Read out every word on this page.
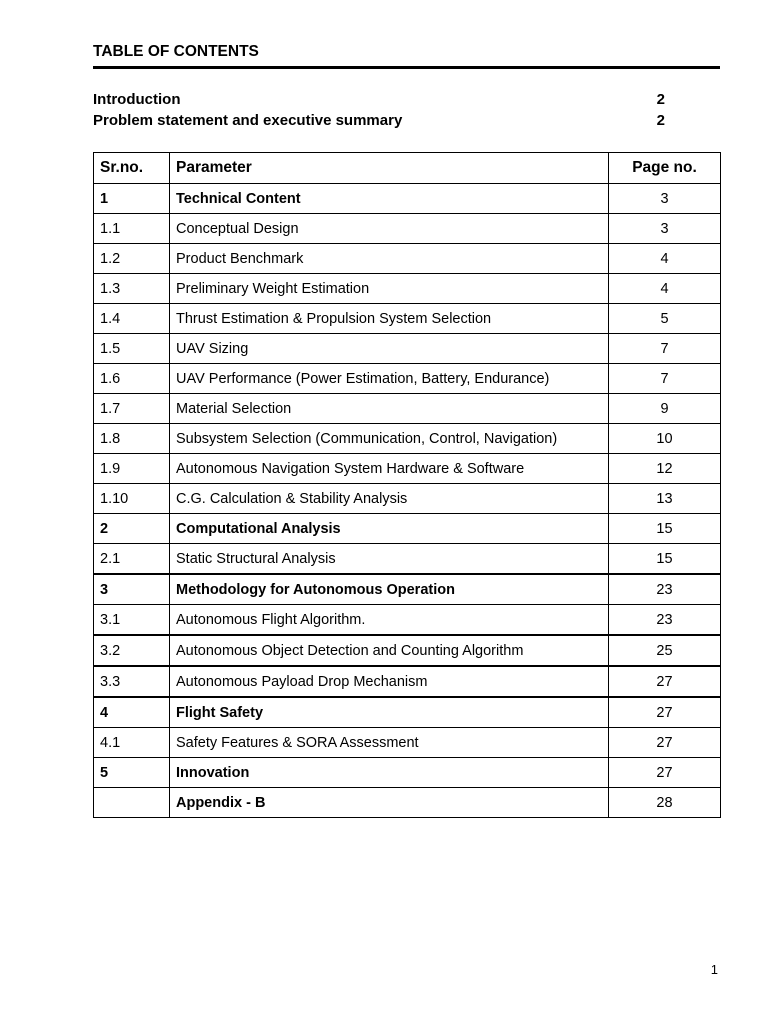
TABLE OF CONTENTS
Introduction	2
Problem statement and executive summary	2
Sr.no.	Parameter	Page no.
1	Technical Content	3
1.1	Conceptual Design	3
1.2	Product Benchmark	4
1.3	Preliminary Weight Estimation	4
1.4	Thrust Estimation & Propulsion System Selection	5
1.5	UAV Sizing	7
1.6	UAV Performance (Power Estimation, Battery, Endurance)	7
1.7	Material Selection	9
1.8	Subsystem Selection (Communication, Control, Navigation)	10
1.9	Autonomous Navigation System Hardware & Software	12
1.10	C.G. Calculation & Stability Analysis	13
2	Computational Analysis	15
2.1	Static Structural Analysis	15
3	Methodology for Autonomous Operation	23
3.1	Autonomous Flight Algorithm.	23
3.2	Autonomous Object Detection and Counting Algorithm	25
3.3	Autonomous Payload Drop Mechanism	27
4	Flight Safety	27
4.1	Safety Features & SORA Assessment	27
5	Innovation	27
	Appendix - B	28
1
